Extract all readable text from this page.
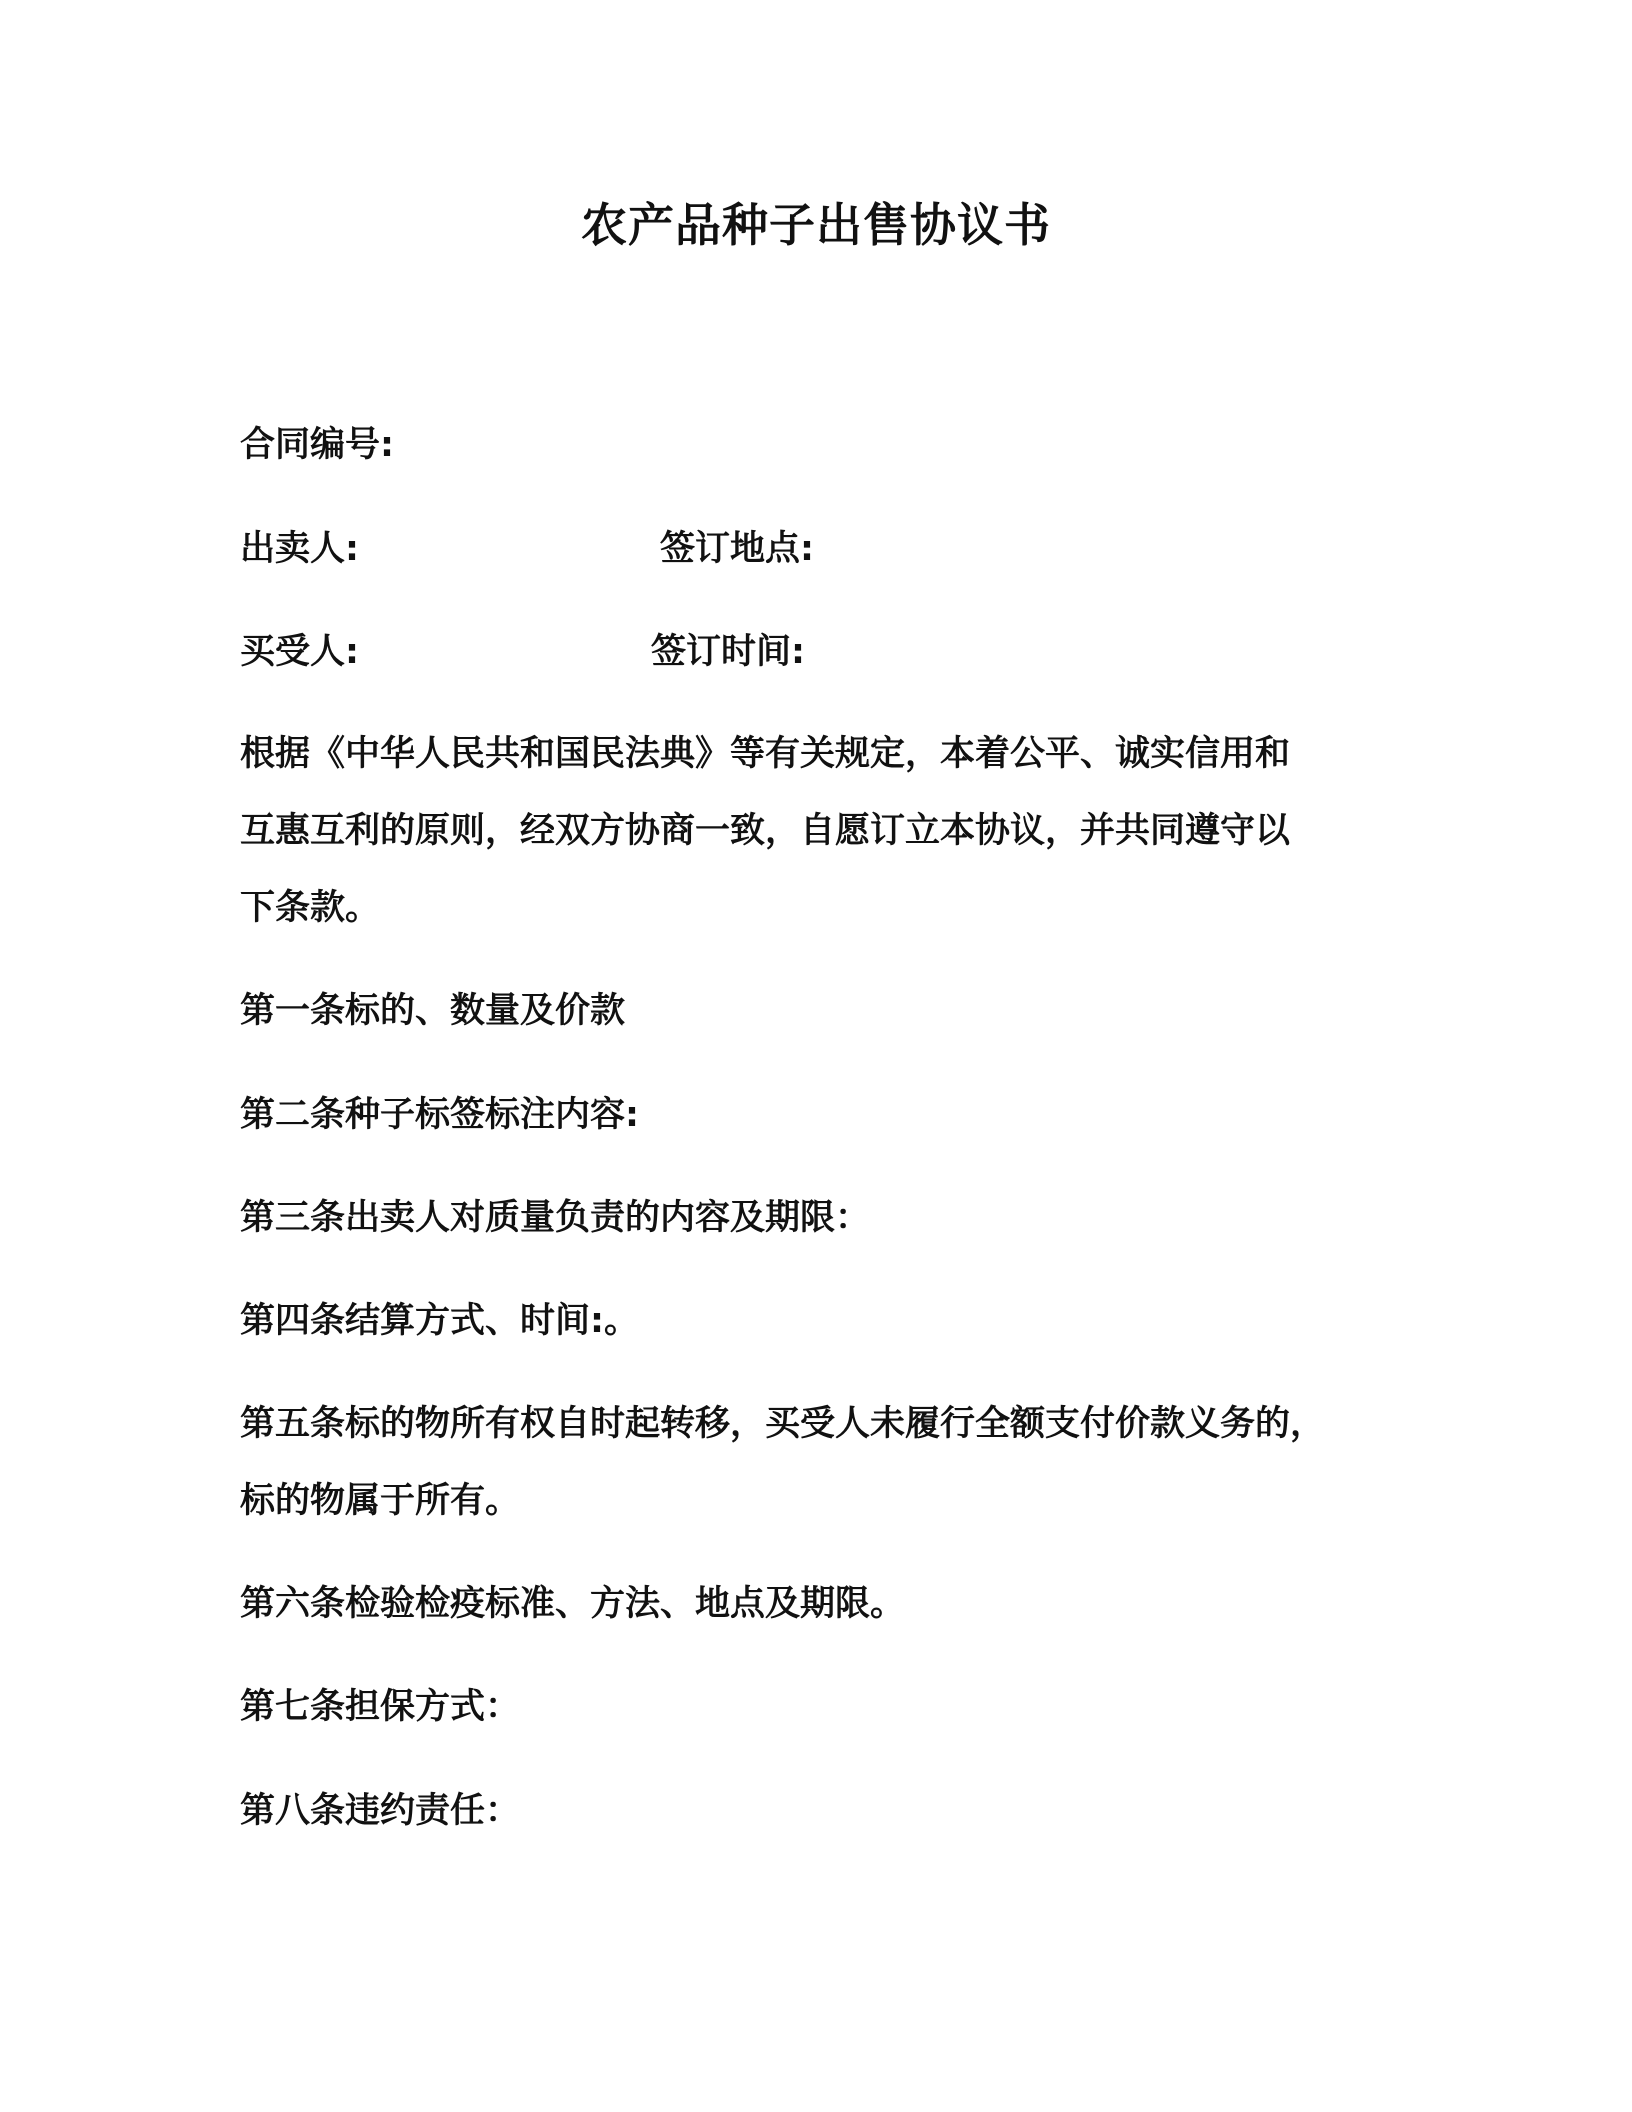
农产品种子出售协议书
合同编号:
出卖人:	签订地点:
买受人:	签订时间:
根据《中华人民共和国民法典》等有关规定，本着公平、诚实信用和
互惠互利的原则，经双方协商一致，自愿订立本协议，并共同遵守以
下条款。
第一条标的、数量及价款
第二条种子标签标注内容:
第三条出卖人对质量负责的内容及期限：
第四条结算方式、时间:。
第五条标的物所有权自时起转移，买受人未履行全额支付价款义务的，
标的物属于所有。
第六条检验检疫标准、方法、地点及期限。
第七条担保方式：
第八条违约责任：
